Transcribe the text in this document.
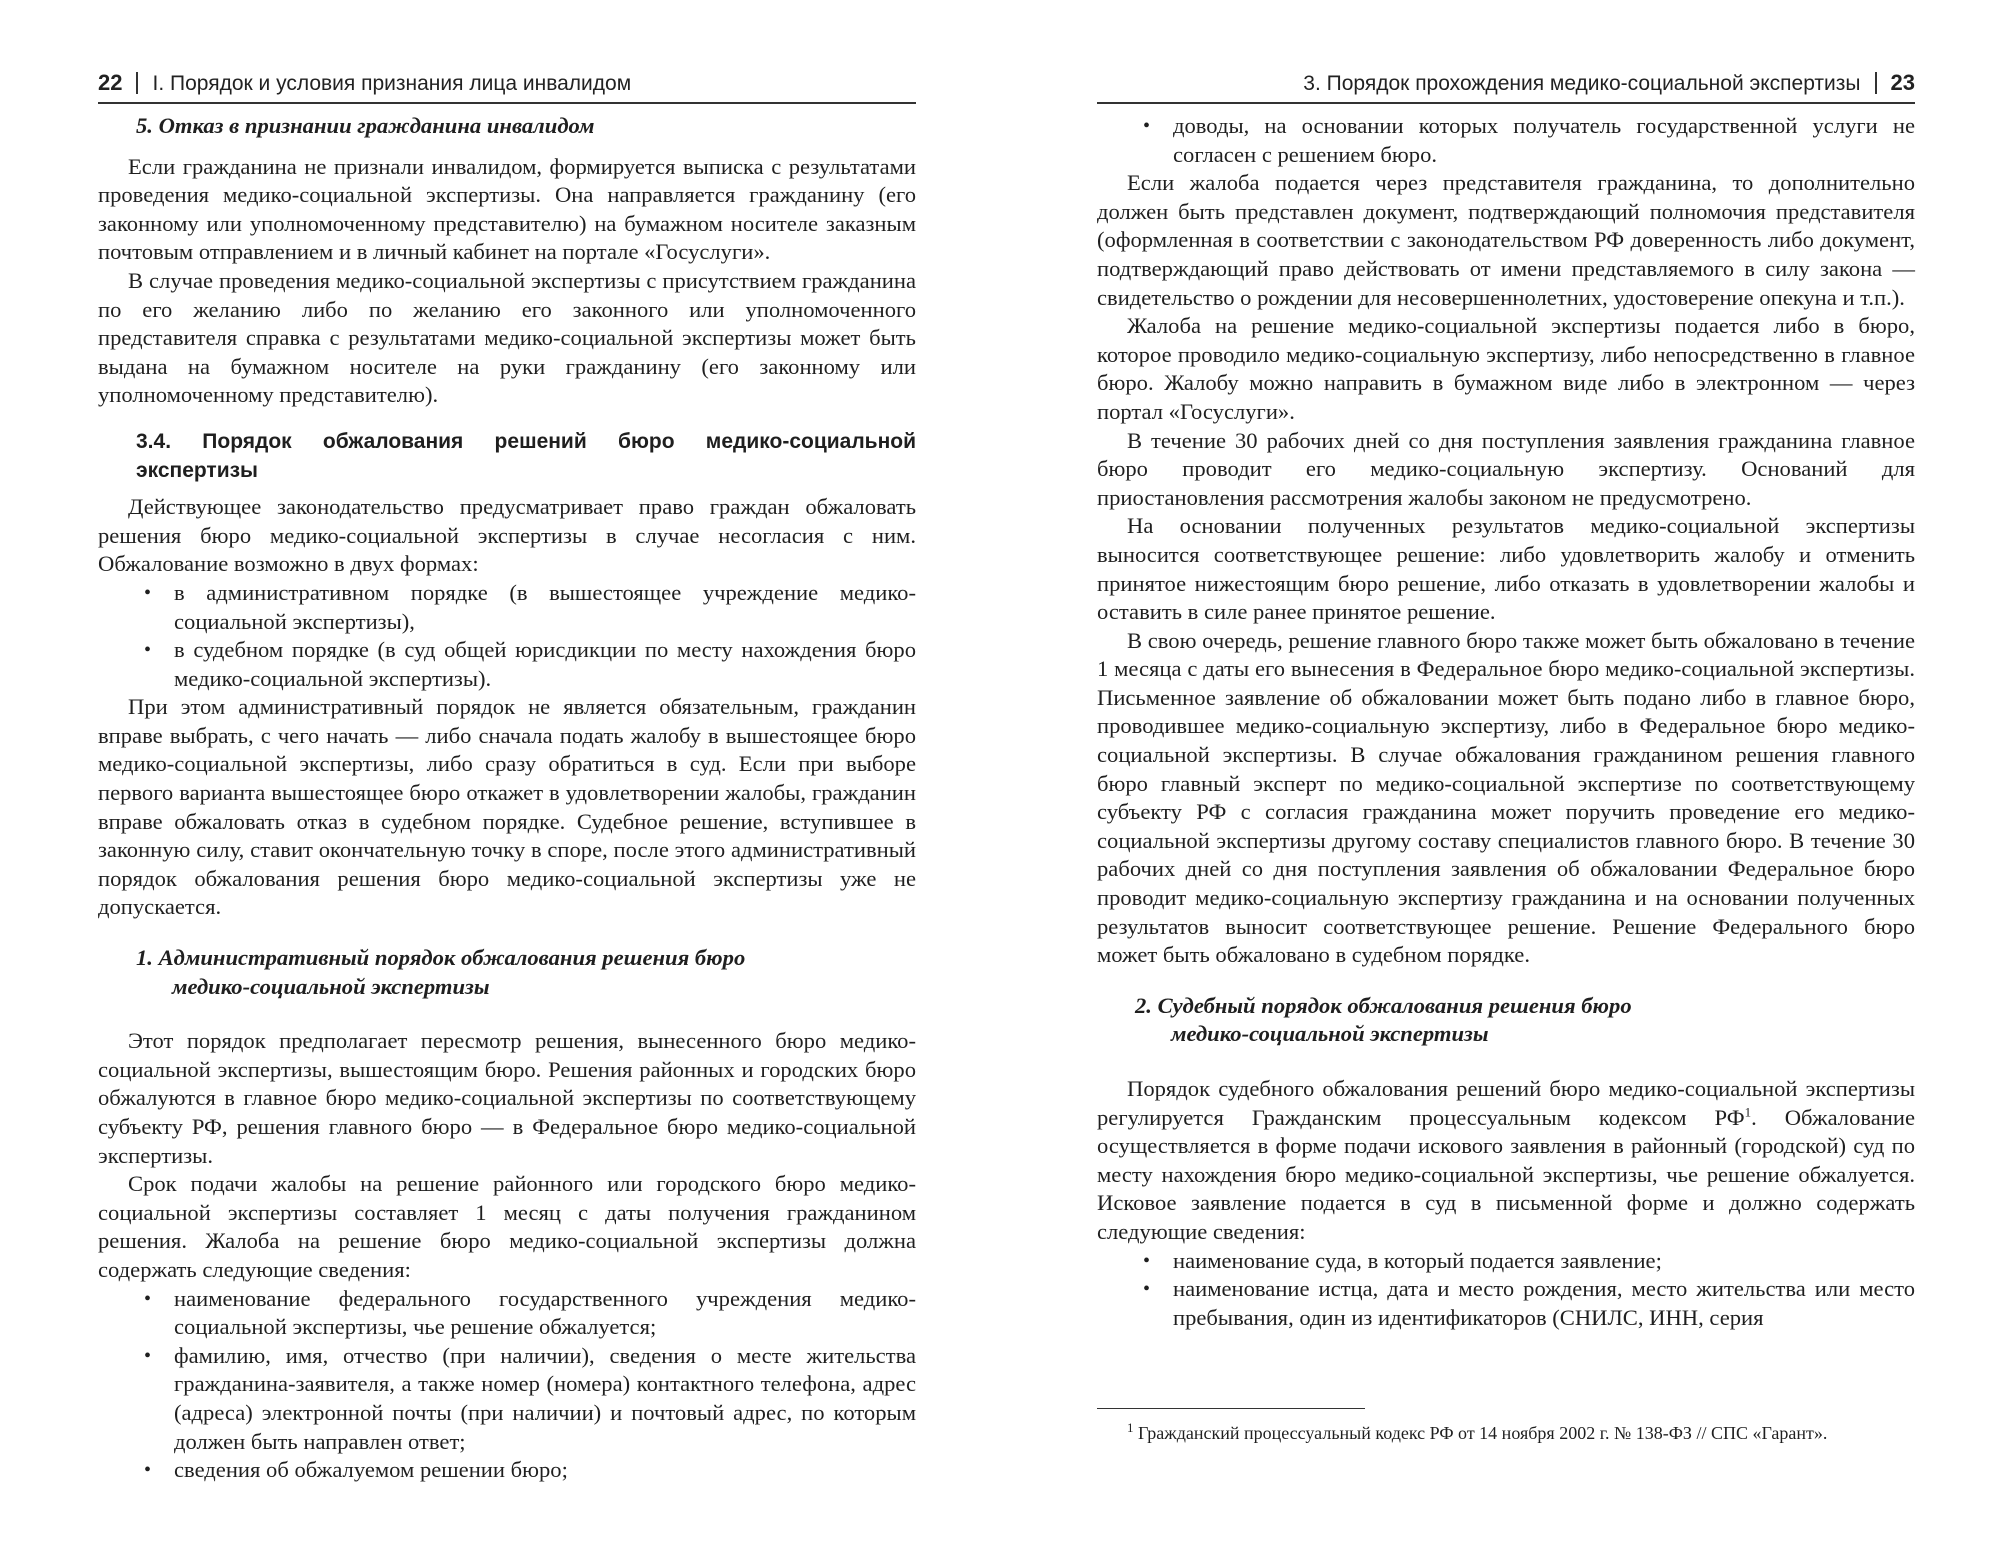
22 I. Порядок и условия признания лица инвалидом
5. Отказ в признании гражданина инвалидом

Если гражданина не признали инвалидом, формируется выписка с результатами проведения медико-социальной экспертизы. Она направляется гражданину (его законному или уполномоченному представителю) на бумажном носителе заказным почтовым отправлением и в личный кабинет на портале «Госуслуги».

В случае проведения медико-социальной экспертизы с присутствием гражданина по его желанию либо по желанию его законного или уполномоченного представителя справка с результатами медико-социальной экспертизы может быть выдана на бумажном носителе на руки гражданину (его законному или уполномоченному представителю).

3.4. Порядок обжалования решений бюро медико-социальной экспертизы

Действующее законодательство предусматривает право граждан обжаловать решения бюро медико-социальной экспертизы в случае несогласия с ним. Обжалование возможно в двух формах:

• в административном порядке (в вышестоящее учреждение медико-социальной экспертизы),
• в судебном порядке (в суд общей юрисдикции по месту нахождения бюро медико-социальной экспертизы).

При этом административный порядок не является обязательным, гражданин вправе выбрать, с чего начать — либо сначала подать жалобу в вышестоящее бюро медико-социальной экспертизы, либо сразу обратиться в суд. Если при выборе первого варианта вышестоящее бюро откажет в удовлетворении жалобы, гражданин вправе обжаловать отказ в судебном порядке. Судебное решение, вступившее в законную силу, ставит окончательную точку в споре, после этого административный порядок обжалования решения бюро медико-социальной экспертизы уже не допускается.

1. Административный порядок обжалования решения бюро
медико-социальной экспертизы

Этот порядок предполагает пересмотр решения, вынесенного бюро медико-социальной экспертизы, вышестоящим бюро. Решения районных и городских бюро обжалуются в главное бюро медико-социальной экспертизы по соответствующему субъекту РФ, решения главного бюро — в Федеральное бюро медико-социальной экспертизы.

Срок подачи жалобы на решение районного или городского бюро медико-социальной экспертизы составляет 1 месяц с даты получения гражданином решения. Жалоба на решение бюро медико-социальной экспертизы должна содержать следующие сведения:

• наименование федерального государственного учреждения медико-социальной экспертизы, чье решение обжалуется;
• фамилию, имя, отчество (при наличии), сведения о месте жительства гражданина-заявителя, а также номер (номера) контактного телефона, адрес (адреса) электронной почты (при наличии) и почтовый адрес, по которым должен быть направлен ответ;
• сведения об обжалуемом решении бюро;
3. Порядок прохождения медико-социальной экспертизы 23
• доводы, на основании которых получатель государственной услуги не согласен с решением бюро.

Если жалоба подается через представителя гражданина, то дополнительно должен быть представлен документ, подтверждающий полномочия представителя (оформленная в соответствии с законодательством РФ доверенность либо документ, подтверждающий право действовать от имени представляемого в силу закона — свидетельство о рождении для несовершеннолетних, удостоверение опекуна и т.п.).

Жалоба на решение медико-социальной экспертизы подается либо в бюро, которое проводило медико-социальную экспертизу, либо непосредственно в главное бюро. Жалобу можно направить в бумажном виде либо в электронном — через портал «Госуслуги».

В течение 30 рабочих дней со дня поступления заявления гражданина главное бюро проводит его медико-социальную экспертизу. Оснований для приостановления рассмотрения жалобы законом не предусмотрено.

На основании полученных результатов медико-социальной экспертизы выносится соответствующее решение: либо удовлетворить жалобу и отменить принятое нижестоящим бюро решение, либо отказать в удовлетворении жалобы и оставить в силе ранее принятое решение.

В свою очередь, решение главного бюро также может быть обжаловано в течение 1 месяца с даты его вынесения в Федеральное бюро медико-социальной экспертизы. Письменное заявление об обжаловании может быть подано либо в главное бюро, проводившее медико-социальную экспертизу, либо в Федеральное бюро медико-социальной экспертизы. В случае обжалования гражданином решения главного бюро главный эксперт по медико-социальной экспертизе по соответствующему субъекту РФ с согласия гражданина может поручить проведение его медико-социальной экспертизы другому составу специалистов главного бюро. В течение 30 рабочих дней со дня поступления заявления об обжаловании Федеральное бюро проводит медико-социальную экспертизу гражданина и на основании полученных результатов выносит соответствующее решение. Решение Федерального бюро может быть обжаловано в судебном порядке.

2. Судебный порядок обжалования решения бюро
медико-социальной экспертизы

Порядок судебного обжалования решений бюро медико-социальной экспертизы регулируется Гражданским процессуальным кодексом $РФ^1$. Обжалование осуществляется в форме подачи искового заявления в районный (городской) суд по месту нахождения бюро медико-социальной экспертизы, чье решение обжалуется. Исковое заявление подается в суд в письменной форме и должно содержать следующие сведения:

• наименование суда, в который подается заявление;
• наименование истца, дата и место рождения, место жительства или место пребывания, один из идентификаторов (СНИЛС, ИНН, серия
$^1$ Гражданский процессуальный кодекс РФ от 14 ноября 2002 г. № 138-ФЗ // СПС «Гарант».
